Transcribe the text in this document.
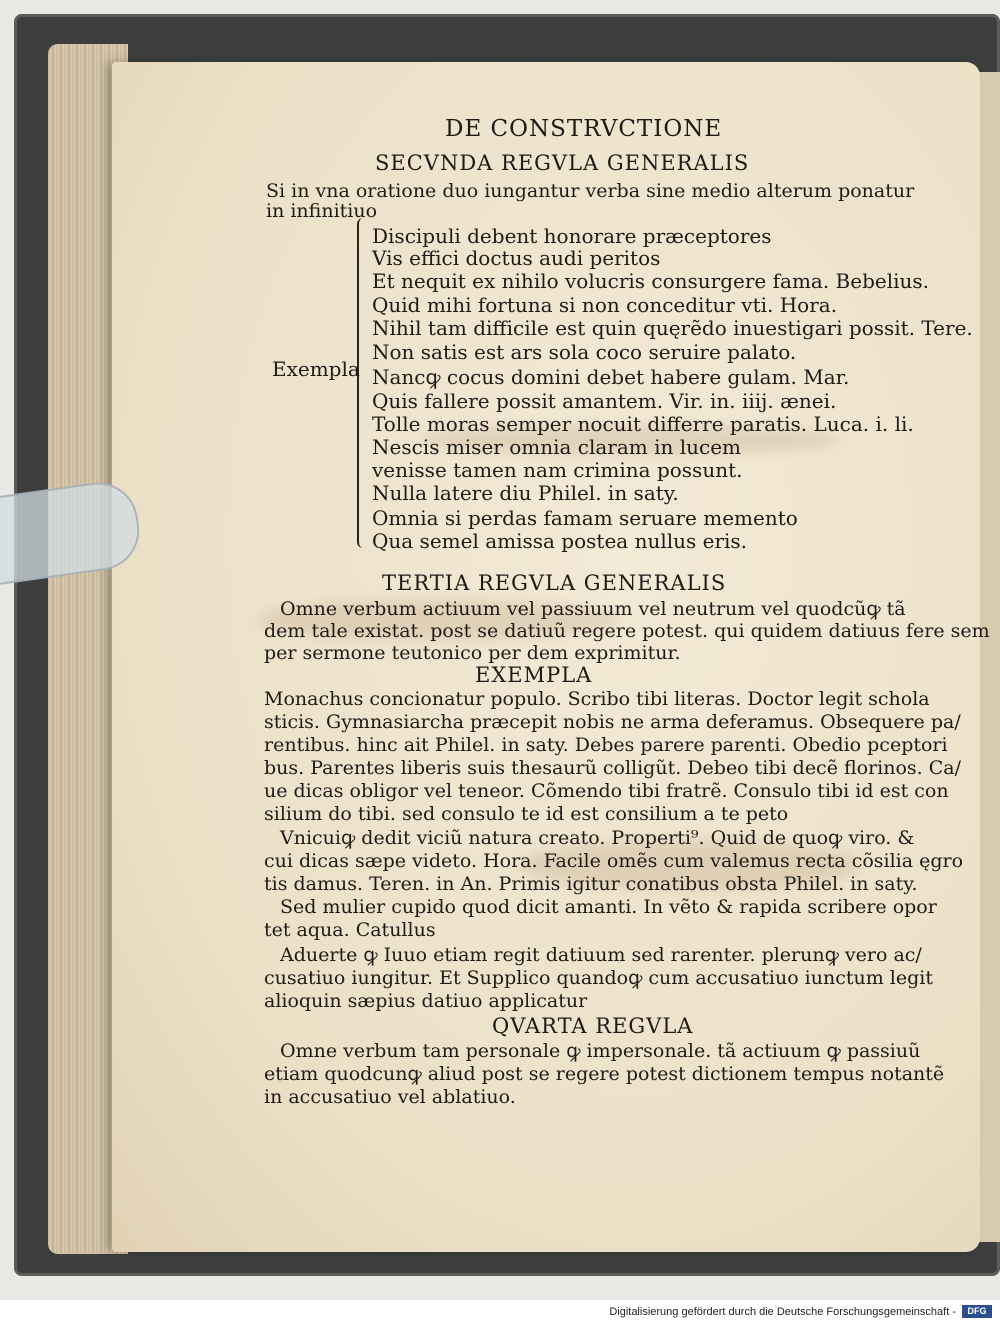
DE CONSTRVCTIONE
SECVNDA REGVLA GENERALIS
Si in vna oratione duo iungantur verba sine medio alterum ponatur
in infinitiuo
Exempla
Discipuli debent honorare præceptores
Vis effici doctus audi peritos
Et nequit ex nihilo volucris consurgere fama. Bebelius.
Quid mihi fortuna si non conceditur vti. Hora.
Nihil tam difficile est quin quęrẽdo inuestigari possit. Tere.
Non satis est ars sola coco seruire palato.
Nancꝙ cocus domini debet habere gulam. Mar.
Quis fallere possit amantem. Vir. in. iiij. ænei.
Tolle moras semper nocuit differre paratis. Luca. i. li.
Nescis miser omnia claram in lucem
venisse tamen nam crimina possunt.
Nulla latere diu Philel. in saty.
Omnia si perdas famam seruare memento
Qua semel amissa postea nullus eris.
TERTIA REGVLA GENERALIS
Omne verbum actiuum vel passiuum vel neutrum vel quodcũꝙ tã
dem tale existat. post se datiuũ regere potest. qui quidem datiuus fere sem
per sermone teutonico per dem exprimitur.
EXEMPLA
Monachus concionatur populo. Scribo tibi literas. Doctor legit schola
sticis. Gymnasiarcha præcepit nobis ne arma deferamus. Obsequere pa/
rentibus. hinc ait Philel. in saty. Debes parere parenti. Obedio pceptori
bus. Parentes liberis suis thesaurũ colligũt. Debeo tibi decẽ florinos. Ca/
ue dicas obligor vel teneor. Cõmendo tibi fratrẽ. Consulo tibi id est con
silium do tibi. sed consulo te id est consilium a te peto
Vnicuiꝙ dedit viciũ natura creato. Properti⁹. Quid de quoꝙ viro. &
cui dicas sæpe videto. Hora. Facile omẽs cum valemus recta cõsilia ęgro
tis damus. Teren. in An. Primis igitur conatibus obsta Philel. in saty.
Sed mulier cupido quod dicit amanti. In vẽto & rapida scribere opor
tet aqua. Catullus
Aduerte ꝙ Iuuo etiam regit datiuum sed rarenter. plerunꝙ vero ac/
cusatiuo iungitur. Et Supplico quandoꝙ cum accusatiuo iunctum legit
alioquin sæpius datiuo applicatur
QVARTA REGVLA
Omne verbum tam personale ꝙ impersonale. tã actiuum ꝙ passiuũ
etiam quodcunꝙ aliud post se regere potest dictionem tempus notantẽ
in accusatiuo vel ablatiuo.
Digitalisierung gefördert durch die Deutsche Forschungsgemeinschaft -	DFG
